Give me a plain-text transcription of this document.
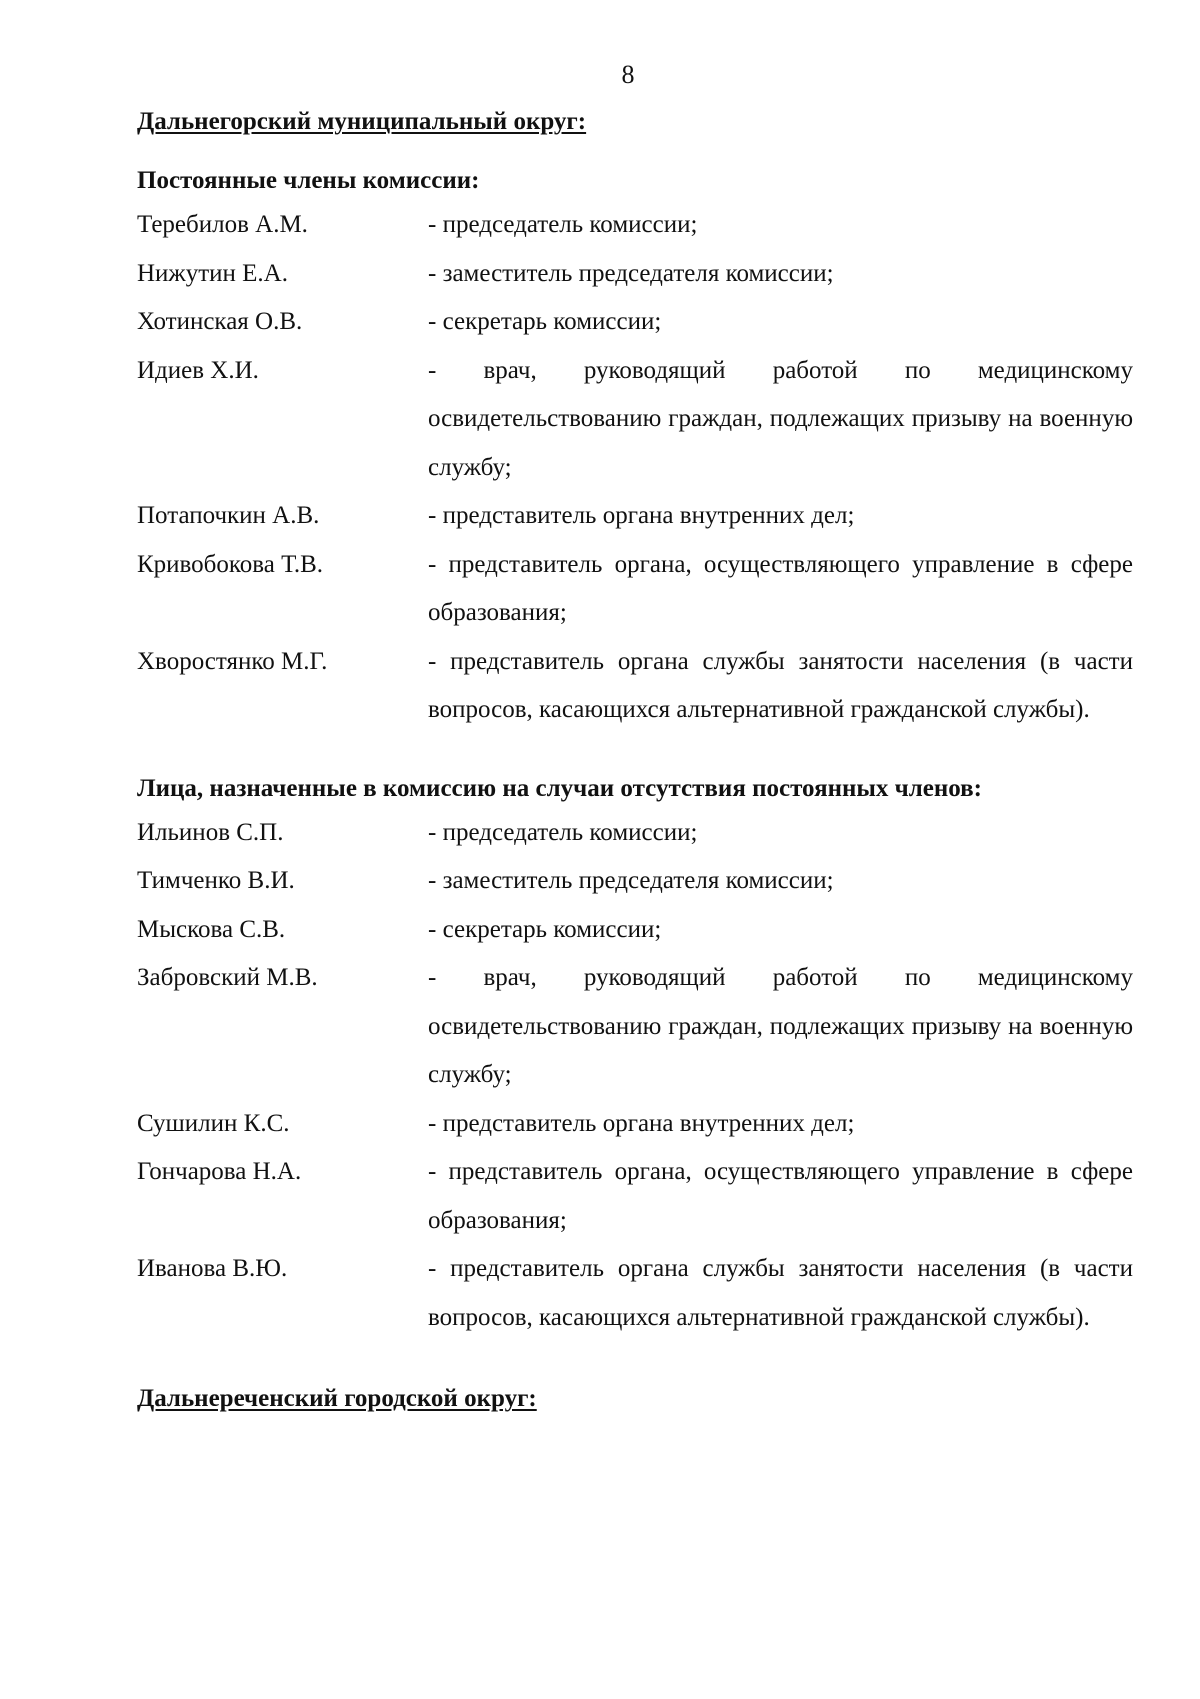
8
Дальнегорский муниципальный округ:
Постоянные члены комиссии:
Теребилов А.М.	- председатель комиссии;
Нижутин Е.А.	- заместитель председателя комиссии;
Хотинская О.В.	- секретарь комиссии;
Идиев Х.И.	- врач, руководящий работой по медицинскому освидетельствованию граждан, подлежащих призыву на военную службу;
Потапочкин А.В.	- представитель органа внутренних дел;
Кривобокова Т.В.	- представитель органа, осуществляющего управление в сфере образования;
Хворостянко М.Г.	- представитель органа службы занятости населения (в части вопросов, касающихся альтернативной гражданской службы).
Лица, назначенные в комиссию на случаи отсутствия постоянных членов:
Ильинов С.П.	- председатель комиссии;
Тимченко В.И.	- заместитель председателя комиссии;
Мыскова С.В.	- секретарь комиссии;
Забровский М.В.	- врач, руководящий работой по медицинскому освидетельствованию граждан, подлежащих призыву на военную службу;
Сушилин К.С.	- представитель органа внутренних дел;
Гончарова Н.А.	- представитель органа, осуществляющего управление в сфере образования;
Иванова В.Ю.	- представитель органа службы занятости населения (в части вопросов, касающихся альтернативной гражданской службы).
Дальнереченский городской округ:
